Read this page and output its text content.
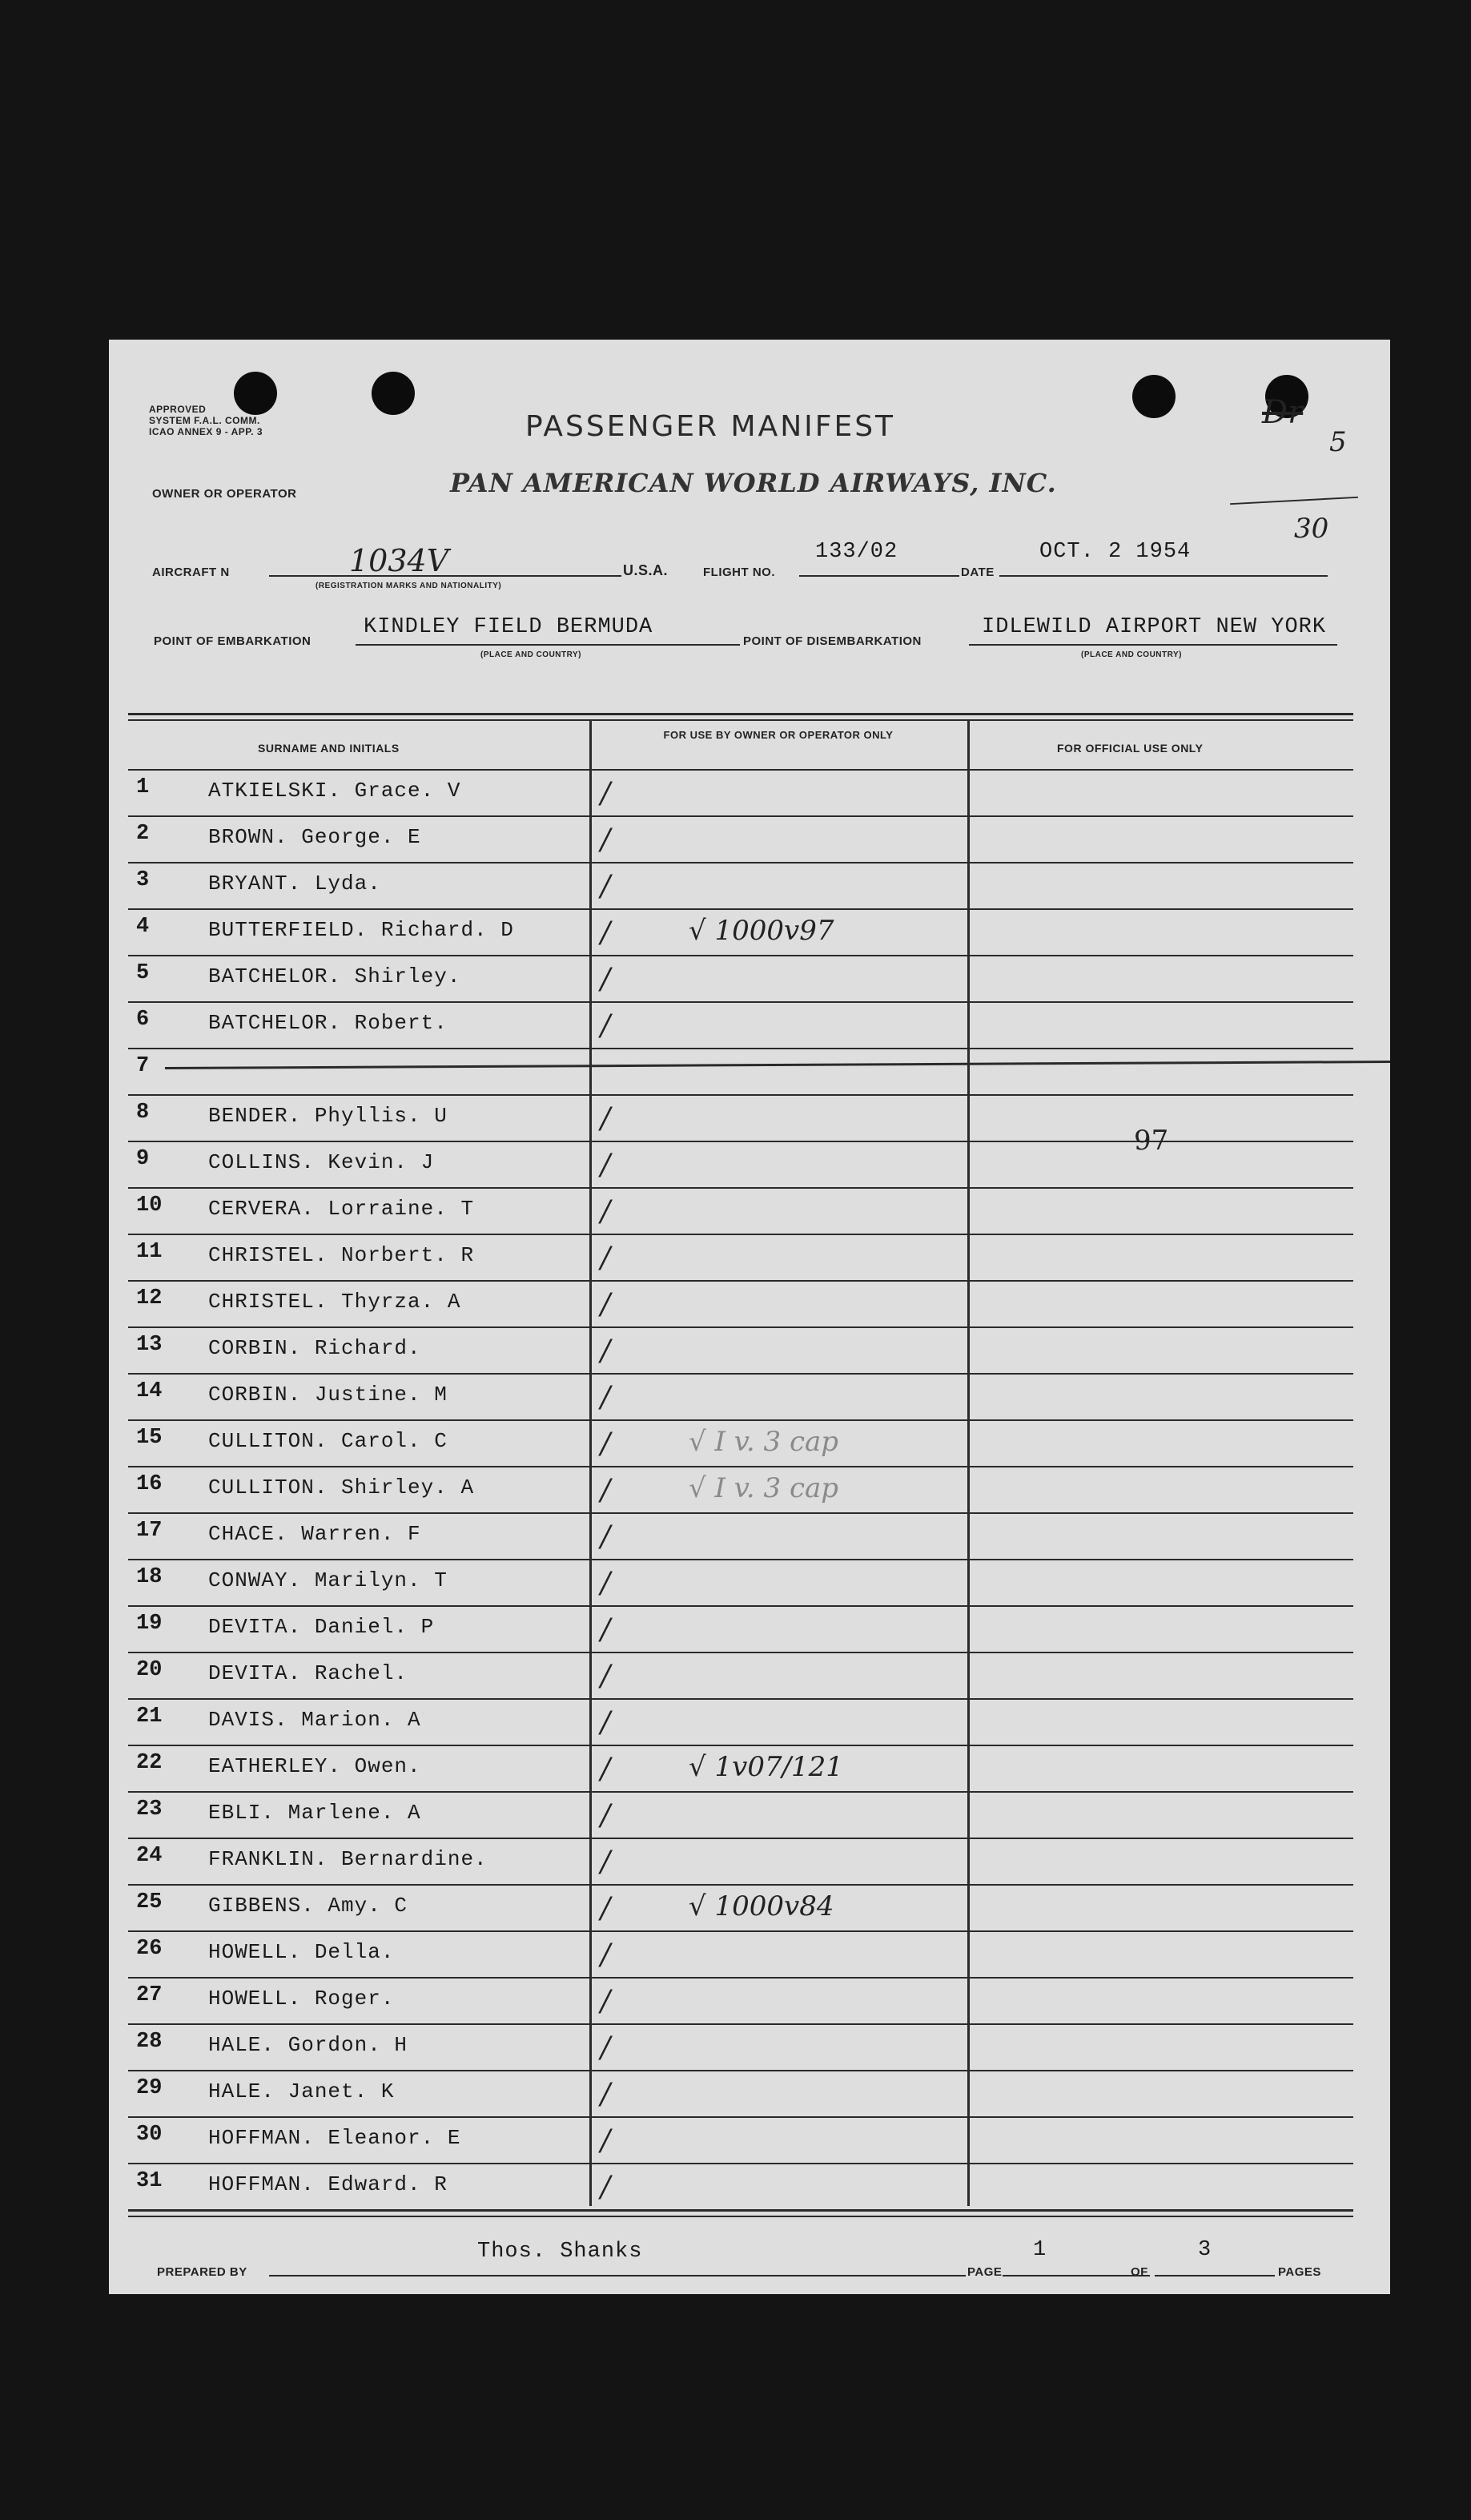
APPROVED
SYSTEM F.A.L. COMM.
ICAO ANNEX 9 - APP. 3	PASSENGER MANIFEST
OWNER OR OPERATOR	PAN AMERICAN WORLD AIRWAYS, INC.
Dr
5
30
AIRCRAFT N	1034V
(REGISTRATION MARKS AND NATIONALITY)
U.S.A.	FLIGHT NO.
133/02
DATE
OCT. 2 1954
POINT OF EMBARKATION
KINDLEY FIELD BERMUDA
(PLACE AND COUNTRY)
POINT OF DISEMBARKATION
IDLEWILD AIRPORT NEW YORK
(PLACE AND COUNTRY)
SURNAME AND INITIALS
FOR USE BY OWNER OR OPERATOR ONLY
FOR OFFICIAL USE ONLY
1	ATKIELSKI. Grace. V	/
2	BROWN. George. E	/
3	BRYANT. Lyda.	/
4	BUTTERFIELD. Richard. D	/	√ 1000v97
5	BATCHELOR. Shirley.	/
6	BATCHELOR. Robert.	/
7
8	BENDER. Phyllis. U	/
9	COLLINS. Kevin. J	/
10 CERVERA. Lorraine. T	/
11 CHRISTEL. Norbert. R	/
12 CHRISTEL. Thyrza. A	/
13 CORBIN. Richard.	/
14 CORBIN. Justine. M	/
15 CULLITON. Carol. C	/	√ I v. 3 cap
16 CULLITON. Shirley. A	/	√ I v. 3 cap
17 CHACE. Warren. F	/
18 CONWAY. Marilyn. T	/
19 DEVITA. Daniel. P	/
20 DEVITA. Rachel.	/
21 DAVIS. Marion. A	/
22 EATHERLEY. Owen.	/	√ 1v07/121
23 EBLI. Marlene. A	/
24 FRANKLIN. Bernardine.	/
25 GIBBENS. Amy. C	/	√ 1000v84
26 HOWELL. Della.	/
27 HOWELL. Roger.	/
28 HALE. Gordon. H	/
29 HALE. Janet. K	/
30 HOFFMAN. Eleanor. E	/
31 HOFFMAN. Edward. R	/
97
PREPARED BY
Thos. Shanks
PAGE
1
OF
3
PAGES
